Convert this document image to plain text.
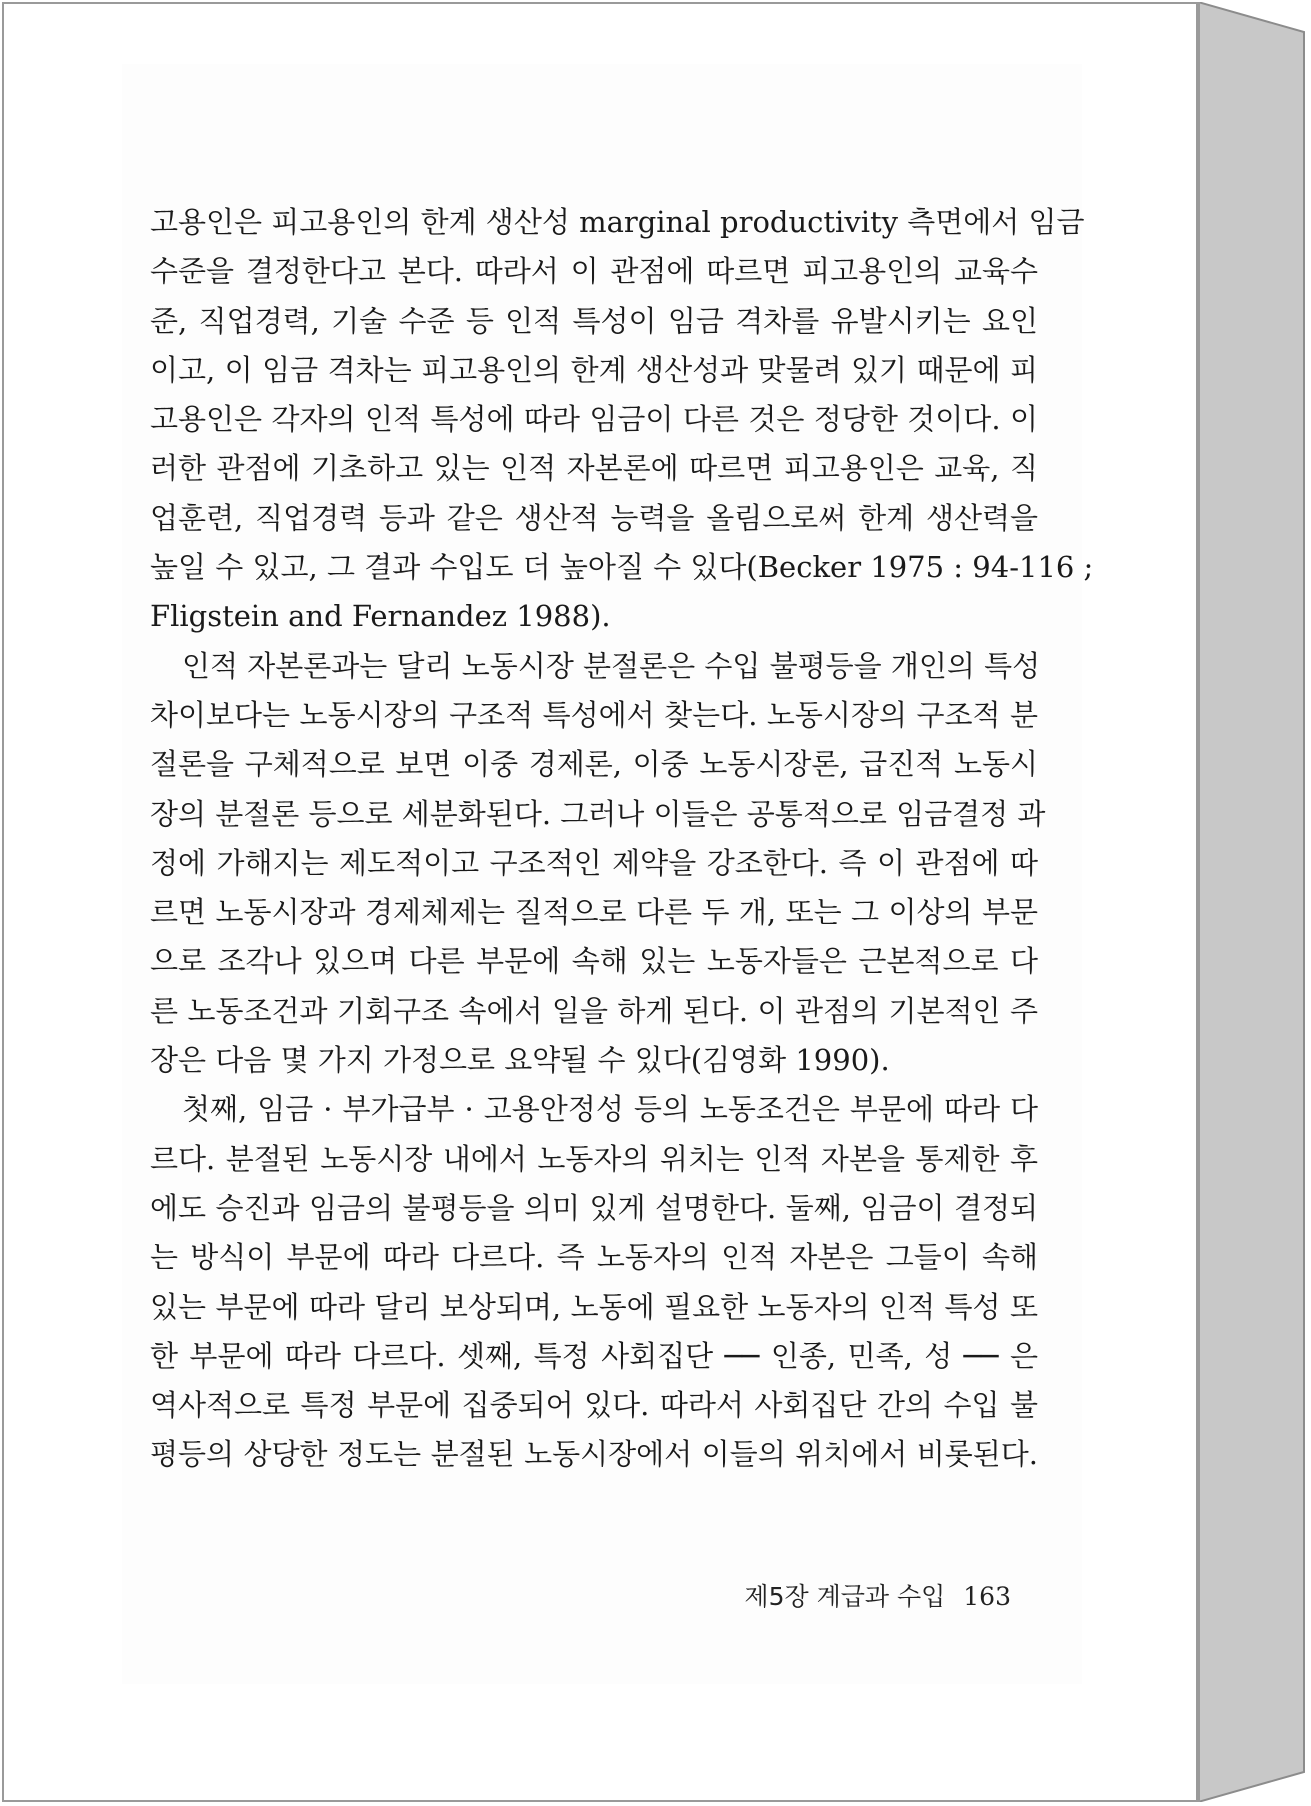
고용인은 피고용인의 한계 생산성 marginal productivity 측면에서 임금
수준을 결정한다고 본다. 따라서 이 관점에 따르면 피고용인의 교육수
준, 직업경력, 기술 수준 등 인적 특성이 임금 격차를 유발시키는 요인
이고, 이 임금 격차는 피고용인의 한계 생산성과 맞물려 있기 때문에 피
고용인은 각자의 인적 특성에 따라 임금이 다른 것은 정당한 것이다. 이
러한 관점에 기초하고 있는 인적 자본론에 따르면 피고용인은 교육, 직
업훈련, 직업경력 등과 같은 생산적 능력을 올림으로써 한계 생산력을
높일 수 있고, 그 결과 수입도 더 높아질 수 있다(Becker 1975 : 94-116 ;
Fligstein and Fernandez 1988).
인적 자본론과는 달리 노동시장 분절론은 수입 불평등을 개인의 특성
차이보다는 노동시장의 구조적 특성에서 찾는다. 노동시장의 구조적 분
절론을 구체적으로 보면 이중 경제론, 이중 노동시장론, 급진적 노동시
장의 분절론 등으로 세분화된다. 그러나 이들은 공통적으로 임금결정 과
정에 가해지는 제도적이고 구조적인 제약을 강조한다. 즉 이 관점에 따
르면 노동시장과 경제체제는 질적으로 다른 두 개, 또는 그 이상의 부문
으로 조각나 있으며 다른 부문에 속해 있는 노동자들은 근본적으로 다
른 노동조건과 기회구조 속에서 일을 하게 된다. 이 관점의 기본적인 주
장은 다음 몇 가지 가정으로 요약될 수 있다(김영화 1990).
첫째, 임금 · 부가급부 · 고용안정성 등의 노동조건은 부문에 따라 다
르다. 분절된 노동시장 내에서 노동자의 위치는 인적 자본을 통제한 후
에도 승진과 임금의 불평등을 의미 있게 설명한다. 둘째, 임금이 결정되
는 방식이 부문에 따라 다르다. 즉 노동자의 인적 자본은 그들이 속해
있는 부문에 따라 달리 보상되며, 노동에 필요한 노동자의 인적 특성 또
한 부문에 따라 다르다. 셋째, 특정 사회집단 ── 인종, 민족, 성 ── 은
역사적으로 특정 부문에 집중되어 있다. 따라서 사회집단 간의 수입 불
평등의 상당한 정도는 분절된 노동시장에서 이들의 위치에서 비롯된다.
제5장 계급과 수입 163
